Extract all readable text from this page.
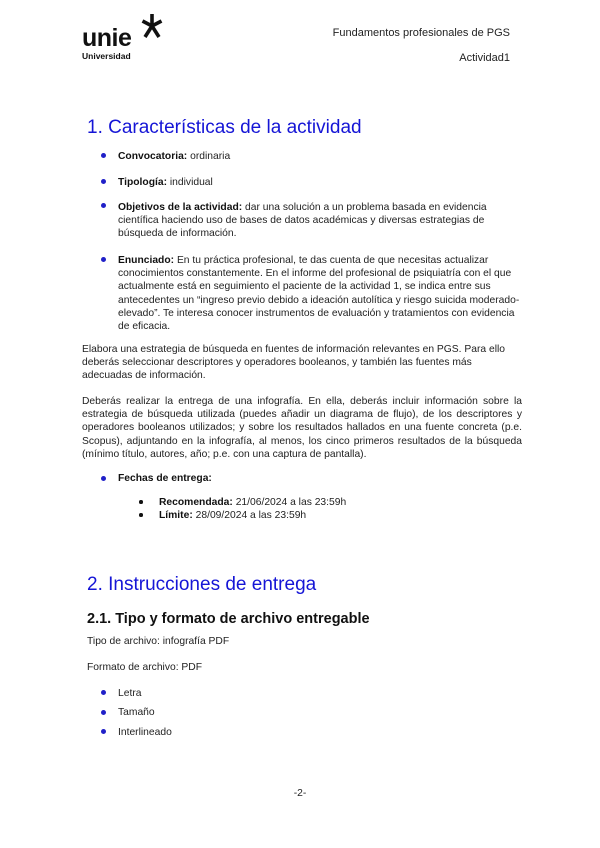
unie
Universidad
Fundamentos profesionales de PGS
Actividad1
1. Características de la actividad
Convocatoria: ordinaria
Tipología: individual
Objetivos de la actividad: dar una solución a un problema basada en evidencia científica haciendo uso de bases de datos académicas y diversas estrategias de búsqueda de información.
Enunciado: En tu práctica profesional, te das cuenta de que necesitas actualizar conocimientos constantemente. En el informe del profesional de psiquiatría con el que actualmente está en seguimiento el paciente de la actividad 1, se indica entre sus antecedentes un “ingreso previo debido a ideación autolítica y riesgo suicida moderado-elevado”. Te interesa conocer instrumentos de evaluación y tratamientos con evidencia de eficacia.

Elabora una estrategia de búsqueda en fuentes de información relevantes en PGS. Para ello deberás seleccionar descriptores y operadores booleanos, y también las fuentes más adecuadas de información.

Deberás realizar la entrega de una infografía. En ella, deberás incluir información sobre la estrategia de búsqueda utilizada (puedes añadir un diagrama de flujo), de los descriptores y operadores booleanos utilizados; y sobre los resultados hallados en una fuente concreta (p.e. Scopus), adjuntando en la infografía, al menos, los cinco primeros resultados de la búsqueda (mínimo título, autores, año; p.e. con una captura de pantalla).

Fechas de entrega:
Recomendada: 21/06/2024 a las 23:59h
Límite: 28/09/2024 a las 23:59h
2. Instrucciones de entrega
2.1. Tipo y formato de archivo entregable
Tipo de archivo: infografía PDF
Formato de archivo: PDF
Letra
Tamaño
Interlineado
-2-
